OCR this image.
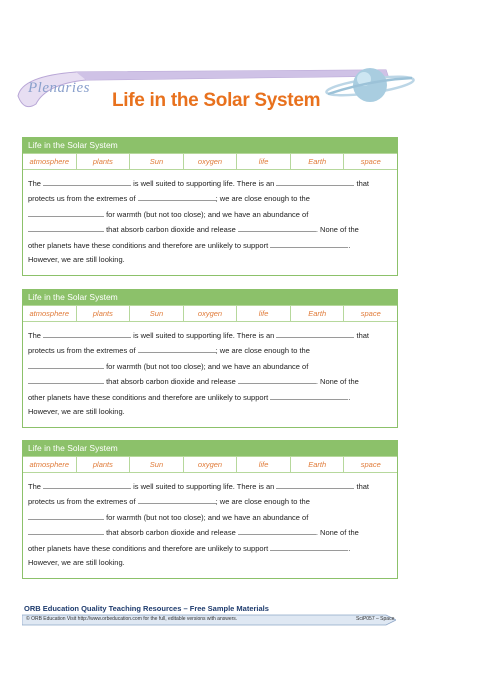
Plenaries
Life in the Solar System
Life in the Solar System
atmosphere	plants	Sun	oxygen	life	Earth	space
The	is well suited to supporting life. There is an	that
protects us from the extremes of	; we are close enough to the
for warmth (but not too close); and we have an abundance of
that absorb carbon dioxide and release	. None of the
other planets have these conditions and therefore are unlikely to support	.
However, we are still looking.
Life in the Solar System
atmosphere	plants	Sun	oxygen	life	Earth	space
The	is well suited to supporting life. There is an	that
protects us from the extremes of	; we are close enough to the
for warmth (but not too close); and we have an abundance of
that absorb carbon dioxide and release	. None of the
other planets have these conditions and therefore are unlikely to support	.
However, we are still looking.
Life in the Solar System
atmosphere	plants	Sun	oxygen	life	Earth	space
The	is well suited to supporting life. There is an	that
protects us from the extremes of	; we are close enough to the
for warmth (but not too close); and we have an abundance of
that absorb carbon dioxide and release	. None of the
other planets have these conditions and therefore are unlikely to support	.
However, we are still looking.
ORB Education Quality Teaching Resources – Free Sample Materials
© ORB Education Visit http://www.orbeducation.com for the full, editable versions with answers.	SciP057 – Space
